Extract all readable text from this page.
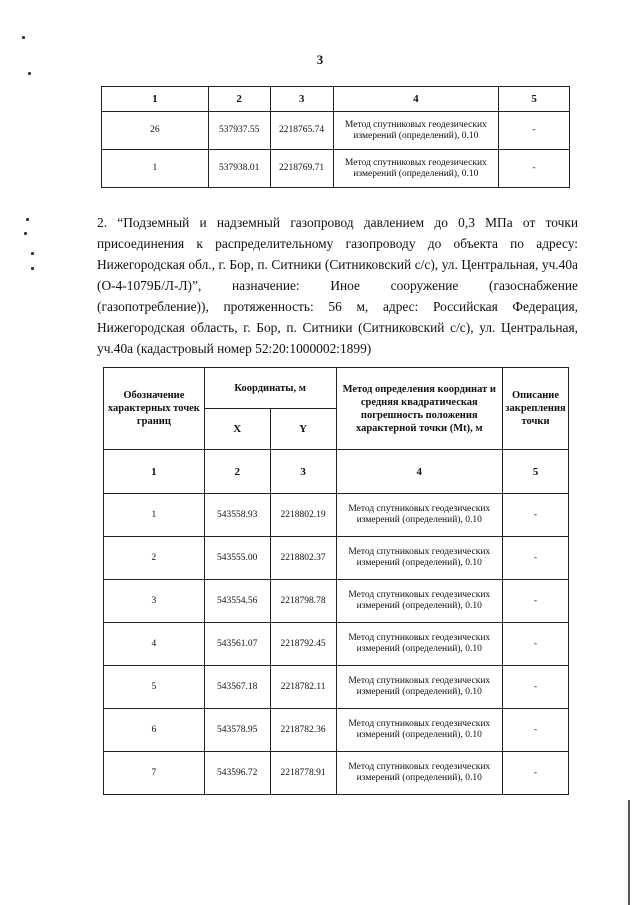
3
1	2	3	4	5
26	537937.55	2218765.74	Метод спутниковых геодезических измерений (определений), 0.10	-
1	537938.01	2218769.71	Метод спутниковых геодезических измерений (определений), 0.10	-

2. “Подземный и надземный газопровод давлением до 0,3 МПа от точки присоединения к распределительному газопроводу до объекта по адресу: Нижегородская обл., г. Бор, п. Ситники (Ситниковский с/с), ул. Центральная, уч.40а (О-4-1079Б/Л-Л)”, назначение: Иное сооружение (газоснабжение (газопотребление)), протяженность: 56 м, адрес: Российская Федерация, Нижегородская область, г. Бор, п. Ситники (Ситниковский с/с), ул. Центральная, уч.40а (кадастровый номер 52:20:1000002:1899)

Обозначение характерных точек границ	Координаты, м		Метод определения координат и средняя квадратическая погрешность положения характерной точки (Mt), м	Описание закрепления точки
	X	Y		
1	2	3	4	5
1	543558.93	2218802.19	Метод спутниковых геодезических измерений (определений), 0.10	-
2	543555.00	2218802.37	Метод спутниковых геодезических измерений (определений), 0.10	-
3	543554.56	2218798.78	Метод спутниковых геодезических измерений (определений), 0.10	-
4	543561.07	2218792.45	Метод спутниковых геодезических измерений (определений), 0.10	-
5	543567.18	2218782.11	Метод спутниковых геодезических измерений (определений), 0.10	-
6	543578.95	2218782.36	Метод спутниковых геодезических измерений (определений), 0.10	-
7	543596.72	2218778.91	Метод спутниковых геодезических измерений (определений), 0.10	-
